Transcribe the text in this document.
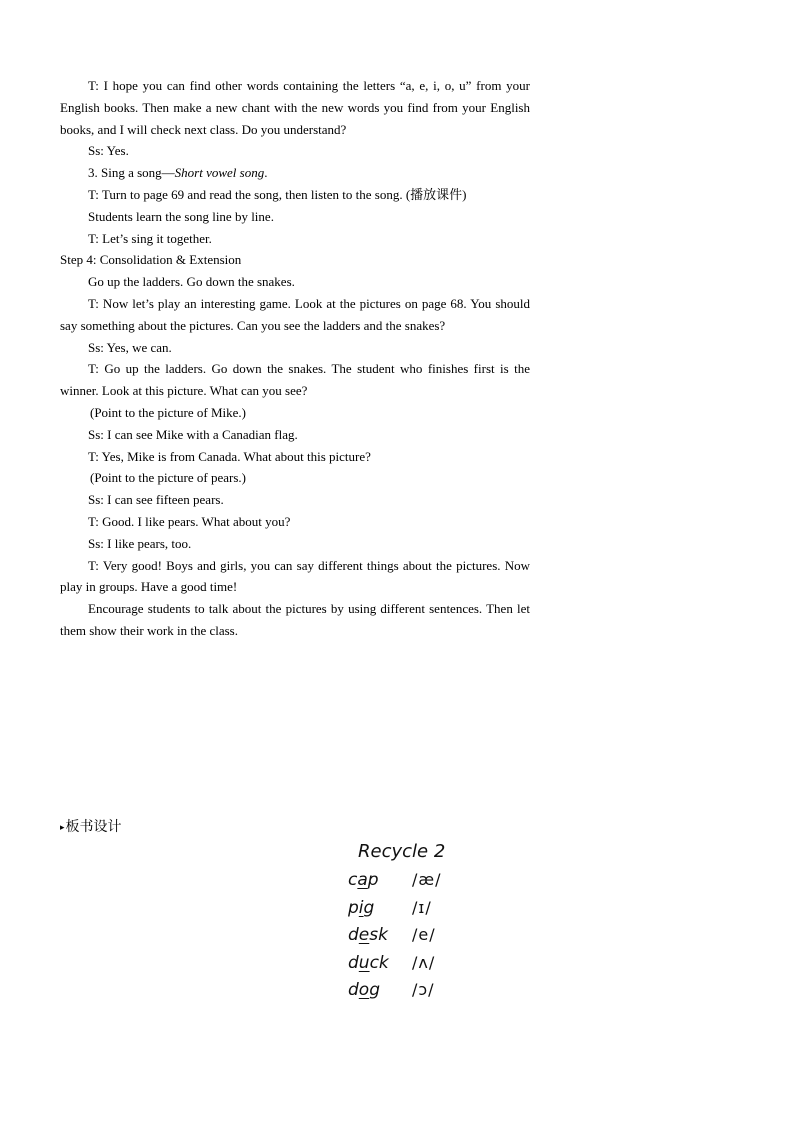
T: I hope you can find other words containing the letters “a, e, i, o, u” from your English books. Then make a new chant with the new words you find from your English books, and I will check next class. Do you understand?

Ss: Yes.

3. Sing a song—Short vowel song.

T: Turn to page 69 and read the song, then listen to the song. (播放课件)

Students learn the song line by line.

T: Let’s sing it together.

Step 4: Consolidation & Extension

Go up the ladders. Go down the snakes.

T: Now let’s play an interesting game. Look at the pictures on page 68. You should say something about the pictures. Can you see the ladders and the snakes?

Ss: Yes, we can.

T: Go up the ladders. Go down the snakes. The student who finishes first is the winner. Look at this picture. What can you see?

(Point to the picture of Mike.)

Ss: I can see Mike with a Canadian flag.

T: Yes, Mike is from Canada. What about this picture?

(Point to the picture of pears.)

Ss: I can see fifteen pears.

T: Good. I like pears. What about you?

Ss: I like pears, too.

T: Very good! Boys and girls, you can say different things about the pictures. Now play in groups. Have a good time!

Encourage students to talk about the pictures by using different sentences. Then let them show their work in the class.

▸板书设计
Recycle 2
cap /æ/
pig /ɪ/
desk /e/
duck /ʌ/
dog /ɔ/
